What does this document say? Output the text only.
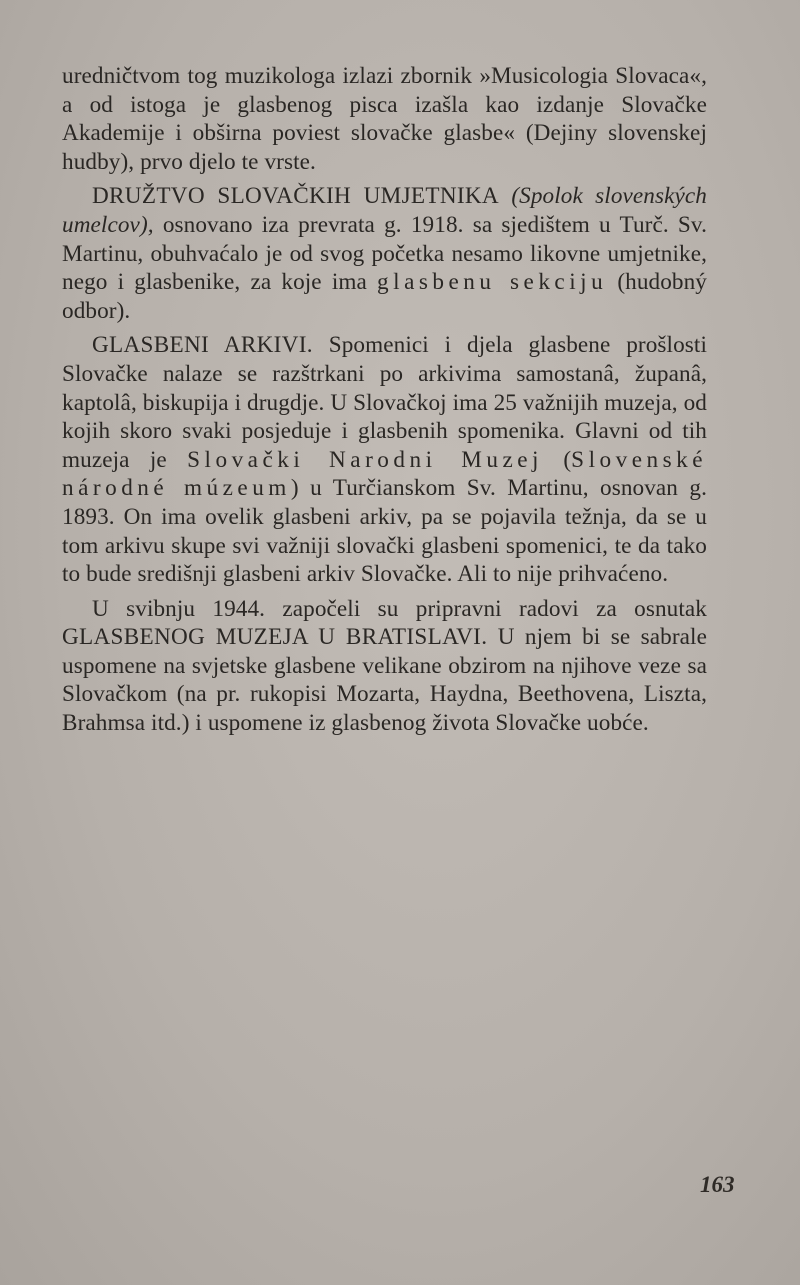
uredničtvom tog muzikologa izlazi zbornik »Musicologia Slovaca«, a od istoga je glasbenog pisca izašla kao izdanje Slovačke Akademije i obširna poviest slovačke glasbe« (Dejiny slovenskej hudby), prvo djelo te vrste.

DRUŽTVO SLOVAČKIH UMJETNIKA (Spolok slovenských umelcov), osnovano iza prevrata g. 1918. sa sjedištem u Turč. Sv. Martinu, obuhvaćalo je od svog početka nesamo likovne umjetnike, nego i glasbenike, za koje ima glasbenu sekciju (hudobný odbor).

GLASBENI ARKIVI. Spomenici i djela glasbene prošlosti Slovačke nalaze se razštrkani po arkivima samostanâ, županâ, kaptolâ, biskupija i drugdje. U Slovačkoj ima 25 važnijih muzeja, od kojih skoro svaki posjeduje i glasbenih spomenika. Glavni od tih muzeja je Slovački Narodni Muzej (Slovenské národné múzeum) u Turčianskom Sv. Martinu, osnovan g. 1893. On ima ovelik glasbeni arkiv, pa se pojavila težnja, da se u tom arkivu skupe svi važniji slovački glasbeni spomenici, te da tako to bude središnji glasbeni arkiv Slovačke. Ali to nije prihvaćeno.

U svibnju 1944. započeli su pripravni radovi za osnutak GLASBENOG MUZEJA U BRATISLAVI. U njem bi se sabrale uspomene na svjetske glasbene velikane obzirom na njihove veze sa Slovačkom (na pr. rukopisi Mozarta, Haydna, Beethovena, Liszta, Brahmsa itd.) i uspomene iz glasbenog života Slovačke uobće.

163
